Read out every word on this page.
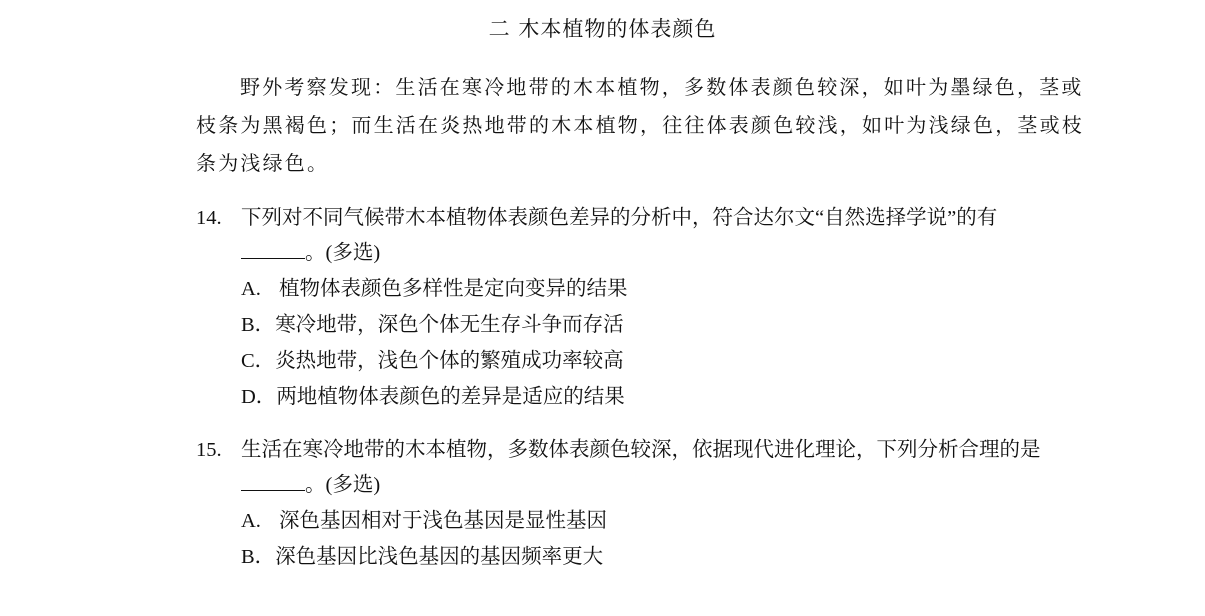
二 木本植物的体表颜色

野外考察发现：生活在寒冷地带的木本植物，多数体表颜色较深，如叶为墨绿色，茎或枝条为黑褐色；而生活在炎热地带的木本植物，往往体表颜色较浅，如叶为浅绿色，茎或枝条为浅绿色。

14. 下列对不同气候带木本植物体表颜色差异的分析中，符合达尔文“自然选择学说”的有
。(多选)

A. 植物体表颜色多样性是定向变异的结果
B．寒冷地带，深色个体无生存斗争而存活
C．炎热地带，浅色个体的繁殖成功率较高
D．两地植物体表颜色的差异是适应的结果

15. 生活在寒冷地带的木本植物，多数体表颜色较深，依据现代进化理论，下列分析合理的是。(多选)

A. 深色基因相对于浅色基因是显性基因
B．深色基因比浅色基因的基因频率更大
